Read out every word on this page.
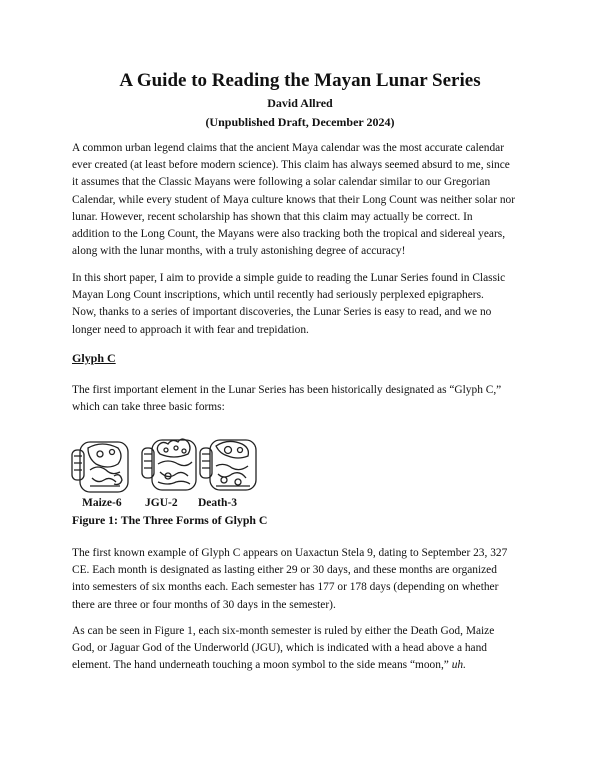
A Guide to Reading the Mayan Lunar Series
David Allred
(Unpublished Draft, December 2024)

A common urban legend claims that the ancient Maya calendar was the most accurate calendar
ever created (at least before modern science). This claim has always seemed absurd to me, since
it assumes that the Classic Mayans were following a solar calendar similar to our Gregorian
Calendar, while every student of Maya culture knows that their Long Count was neither solar nor
lunar. However, recent scholarship has shown that this claim may actually be correct. In
addition to the Long Count, the Mayans were also tracking both the tropical and sidereal years,
along with the lunar months, with a truly astonishing degree of accuracy!

In this short paper, I aim to provide a simple guide to reading the Lunar Series found in Classic
Mayan Long Count inscriptions, which until recently had seriously perplexed epigraphers.
Now, thanks to a series of important discoveries, the Lunar Series is easy to read, and we no
longer need to approach it with fear and trepidation.

Glyph C

The first important element in the Lunar Series has been historically designated as “Glyph C,”
which can take three basic forms:

Maize-6 JGU-2 Death-3
Figure 1: The Three Forms of Glyph C

The first known example of Glyph C appears on Uaxactun Stela 9, dating to September 23, 327
CE. Each month is designated as lasting either 29 or 30 days, and these months are organized
into semesters of six months each. Each semester has 177 or 178 days (depending on whether
there are three or four months of 30 days in the semester).

As can be seen in Figure 1, each six-month semester is ruled by either the Death God, Maize
God, or Jaguar God of the Underworld (JGU), which is indicated with a head above a hand
element. The hand underneath touching a moon symbol to the side means “moon,” uh.
